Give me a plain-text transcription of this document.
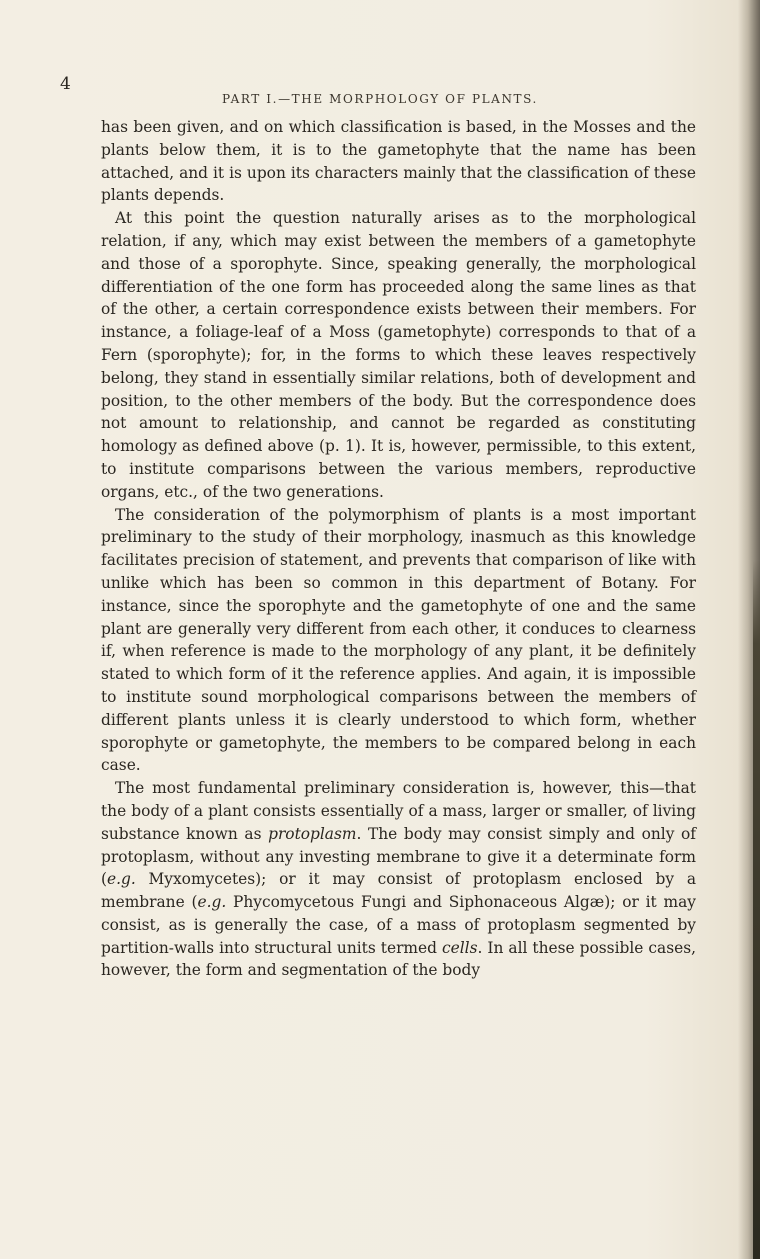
4
PART I.—THE MORPHOLOGY OF PLANTS.

has been given, and on which classification is based, in the Mosses and the plants below them, it is to the gametophyte that the name has been attached, and it is upon its characters mainly that the classification of these plants depends.

At this point the question naturally arises as to the morphological relation, if any, which may exist between the members of a gametophyte and those of a sporophyte. Since, speaking generally, the morphological differentiation of the one form has proceeded along the same lines as that of the other, a certain correspondence exists between their members. For instance, a foliage-leaf of a Moss (gametophyte) corresponds to that of a Fern (sporophyte); for, in the forms to which these leaves respectively belong, they stand in essentially similar relations, both of development and position, to the other members of the body. But the correspondence does not amount to relationship, and cannot be regarded as constituting homology as defined above (p. 1). It is, however, permissible, to this extent, to institute comparisons between the various members, reproductive organs, etc., of the two generations.

The consideration of the polymorphism of plants is a most important preliminary to the study of their morphology, inasmuch as this knowledge facilitates precision of statement, and prevents that comparison of like with unlike which has been so common in this department of Botany. For instance, since the sporophyte and the gametophyte of one and the same plant are generally very different from each other, it conduces to clearness if, when reference is made to the morphology of any plant, it be definitely stated to which form of it the reference applies. And again, it is impossible to institute sound morphological comparisons between the members of different plants unless it is clearly understood to which form, whether sporophyte or gametophyte, the members to be compared belong in each case.

The most fundamental preliminary consideration is, however, this—that the body of a plant consists essentially of a mass, larger or smaller, of living substance known as protoplasm. The body may consist simply and only of protoplasm, without any investing membrane to give it a determinate form (e.g. Myxomycetes); or it may consist of protoplasm enclosed by a membrane (e.g. Phycomycetous Fungi and Siphonaceous Algæ); or it may consist, as is generally the case, of a mass of protoplasm segmented by partition-walls into structural units termed cells. In all these possible cases, however, the form and segmentation of the body
